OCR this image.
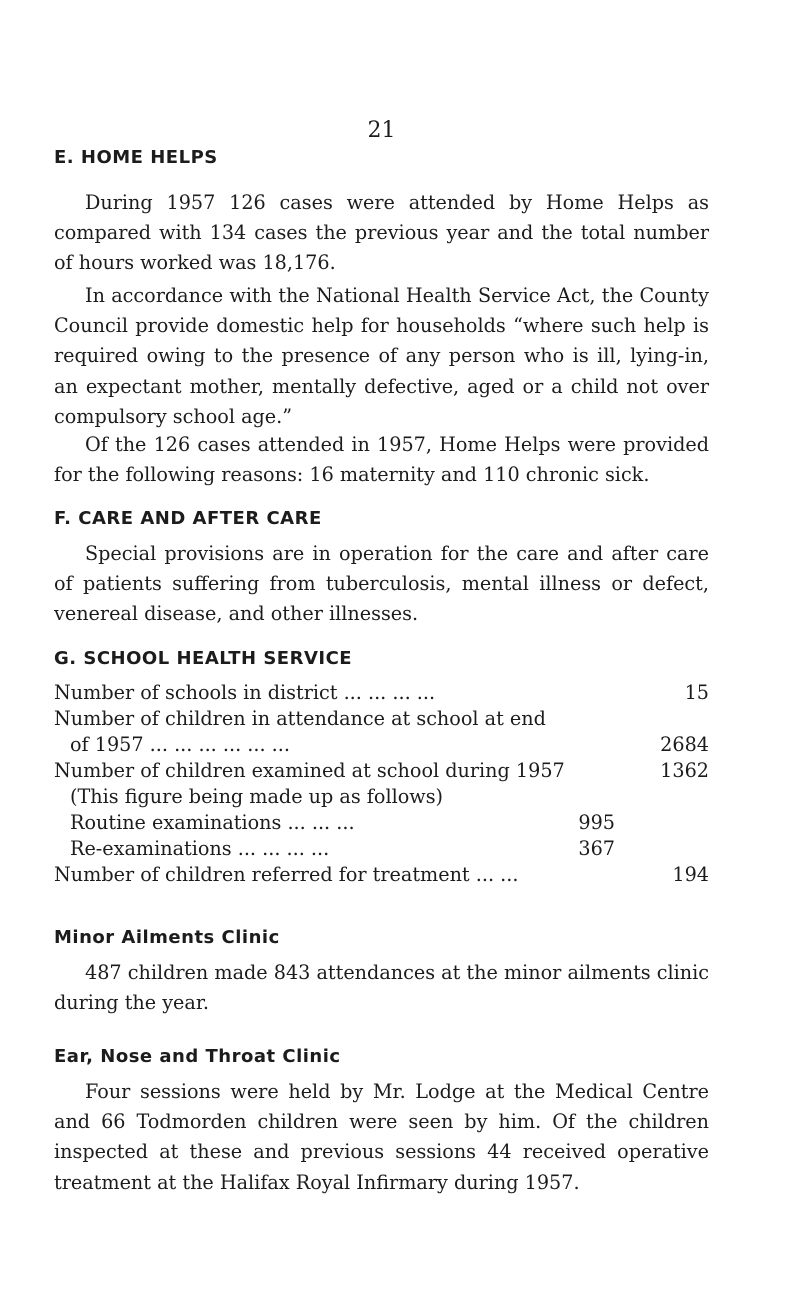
21
E. HOME HELPS

During 1957 126 cases were attended by Home Helps as compared with 134 cases the previous year and the total number of hours worked was 18,176.

In accordance with the National Health Service Act, the County Council provide domestic help for households “where such help is required owing to the presence of any person who is ill, lying-in, an expectant mother, mentally defective, aged or a child not over compulsory school age.”

Of the 126 cases attended in 1957, Home Helps were provided for the following reasons: 16 maternity and 110 chronic sick.

F. CARE AND AFTER CARE

Special provisions are in operation for the care and after care of patients suffering from tuberculosis, mental illness or defect, venereal disease, and other illnesses.

G. SCHOOL HEALTH SERVICE
Number of schools in district ... ... ... ...	15
Number of children in attendance at school at end
of 1957 ... ... ... ... ... ...	2684
Number of children examined at school during 1957	1362
(This figure being made up as follows)
Routine examinations ... ... ...	995
Re-examinations ... ... ... ...	367
Number of children referred for treatment ... ...	194
Minor Ailments Clinic

487 children made 843 attendances at the minor ailments clinic during the year.

Ear, Nose and Throat Clinic

Four sessions were held by Mr. Lodge at the Medical Centre and 66 Todmorden children were seen by him. Of the children inspected at these and previous sessions 44 received operative treatment at the Halifax Royal Infirmary during 1957.
